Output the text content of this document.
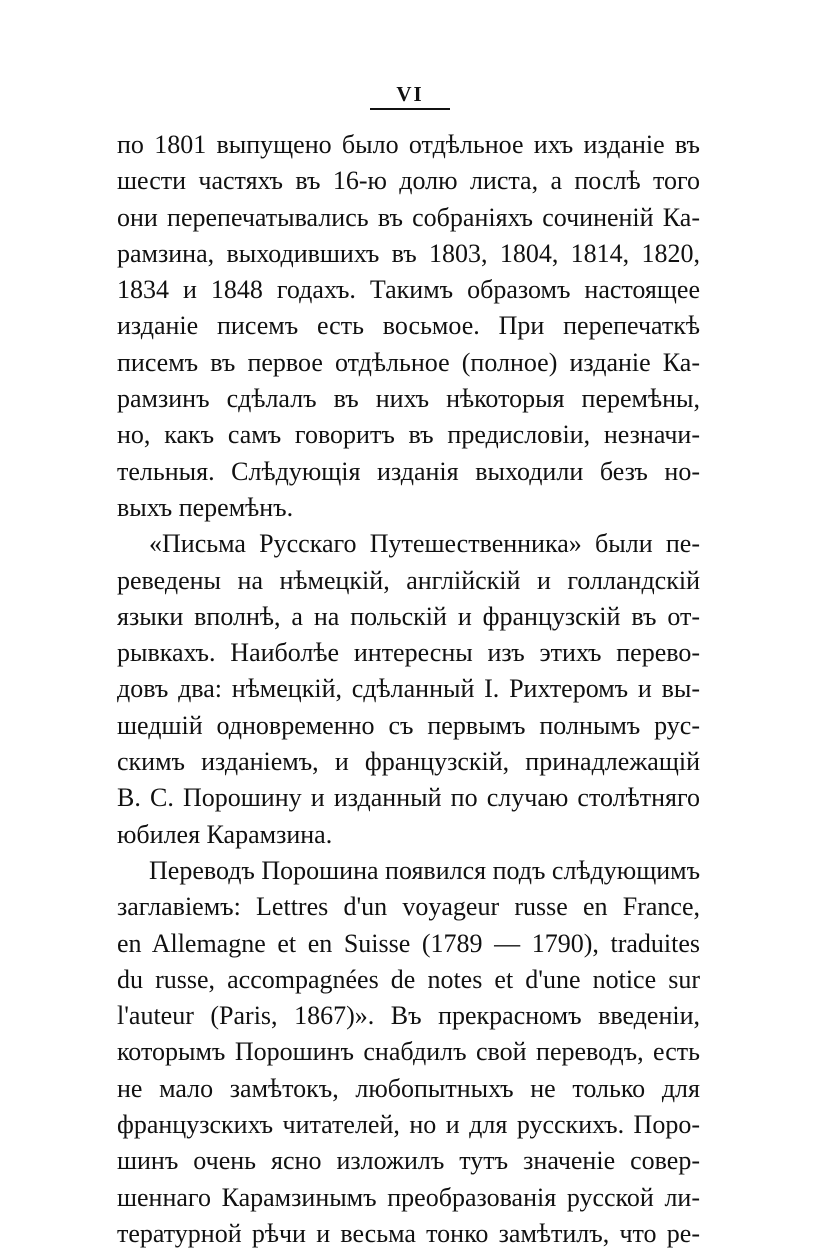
VI
по 1801 выпущено было отдѣльное ихъ изданіе въ
шести частяхъ въ 16-ю долю листа, а послѣ того
они перепечатывались въ собраніяхъ сочиненій Ка-
рамзина, выходившихъ въ 1803, 1804, 1814, 1820,
1834 и 1848 годахъ. Такимъ образомъ настоящее
изданіе писемъ есть восьмое. При перепечаткѣ
писемъ въ первое отдѣльное (полное) изданіе Ка-
рамзинъ сдѣлалъ въ нихъ нѣкоторыя перемѣны,
но, какъ самъ говоритъ въ предисловіи, незначи-
тельныя. Слѣдующія изданія выходили безъ но-
выхъ перемѣнъ.
«Письма Русскаго Путешественника» были пе-
реведены на нѣмецкій, англійскій и голландскій
языки вполнѣ, а на польскій и французскій въ от-
рывкахъ. Наиболѣе интересны изъ этихъ перево-
довъ два: нѣмецкій, сдѣланный І. Рихтеромъ и вы-
шедшій одновременно съ первымъ полнымъ рус-
скимъ изданіемъ, и французскій, принадлежащій
В. С. Порошину и изданный по случаю столѣтняго
юбилея Карамзина.
Переводъ Порошина появился подъ слѣдующимъ
заглавіемъ: Lettres d'un voyageur russe en France,
en Allemagne et en Suisse (1789 — 1790), traduites
du russe, accompagnées de notes et d'une notice sur
l'auteur (Paris, 1867)». Въ прекрасномъ введеніи,
которымъ Порошинъ снабдилъ свой переводъ, есть
не мало замѣтокъ, любопытныхъ не только для
французскихъ читателей, но и для русскихъ. Поро-
шинъ очень ясно изложилъ тутъ значеніе совер-
шеннаго Карамзинымъ преобразованія русской ли-
тературной рѣчи и весьма тонко замѣтилъ, что ре-
